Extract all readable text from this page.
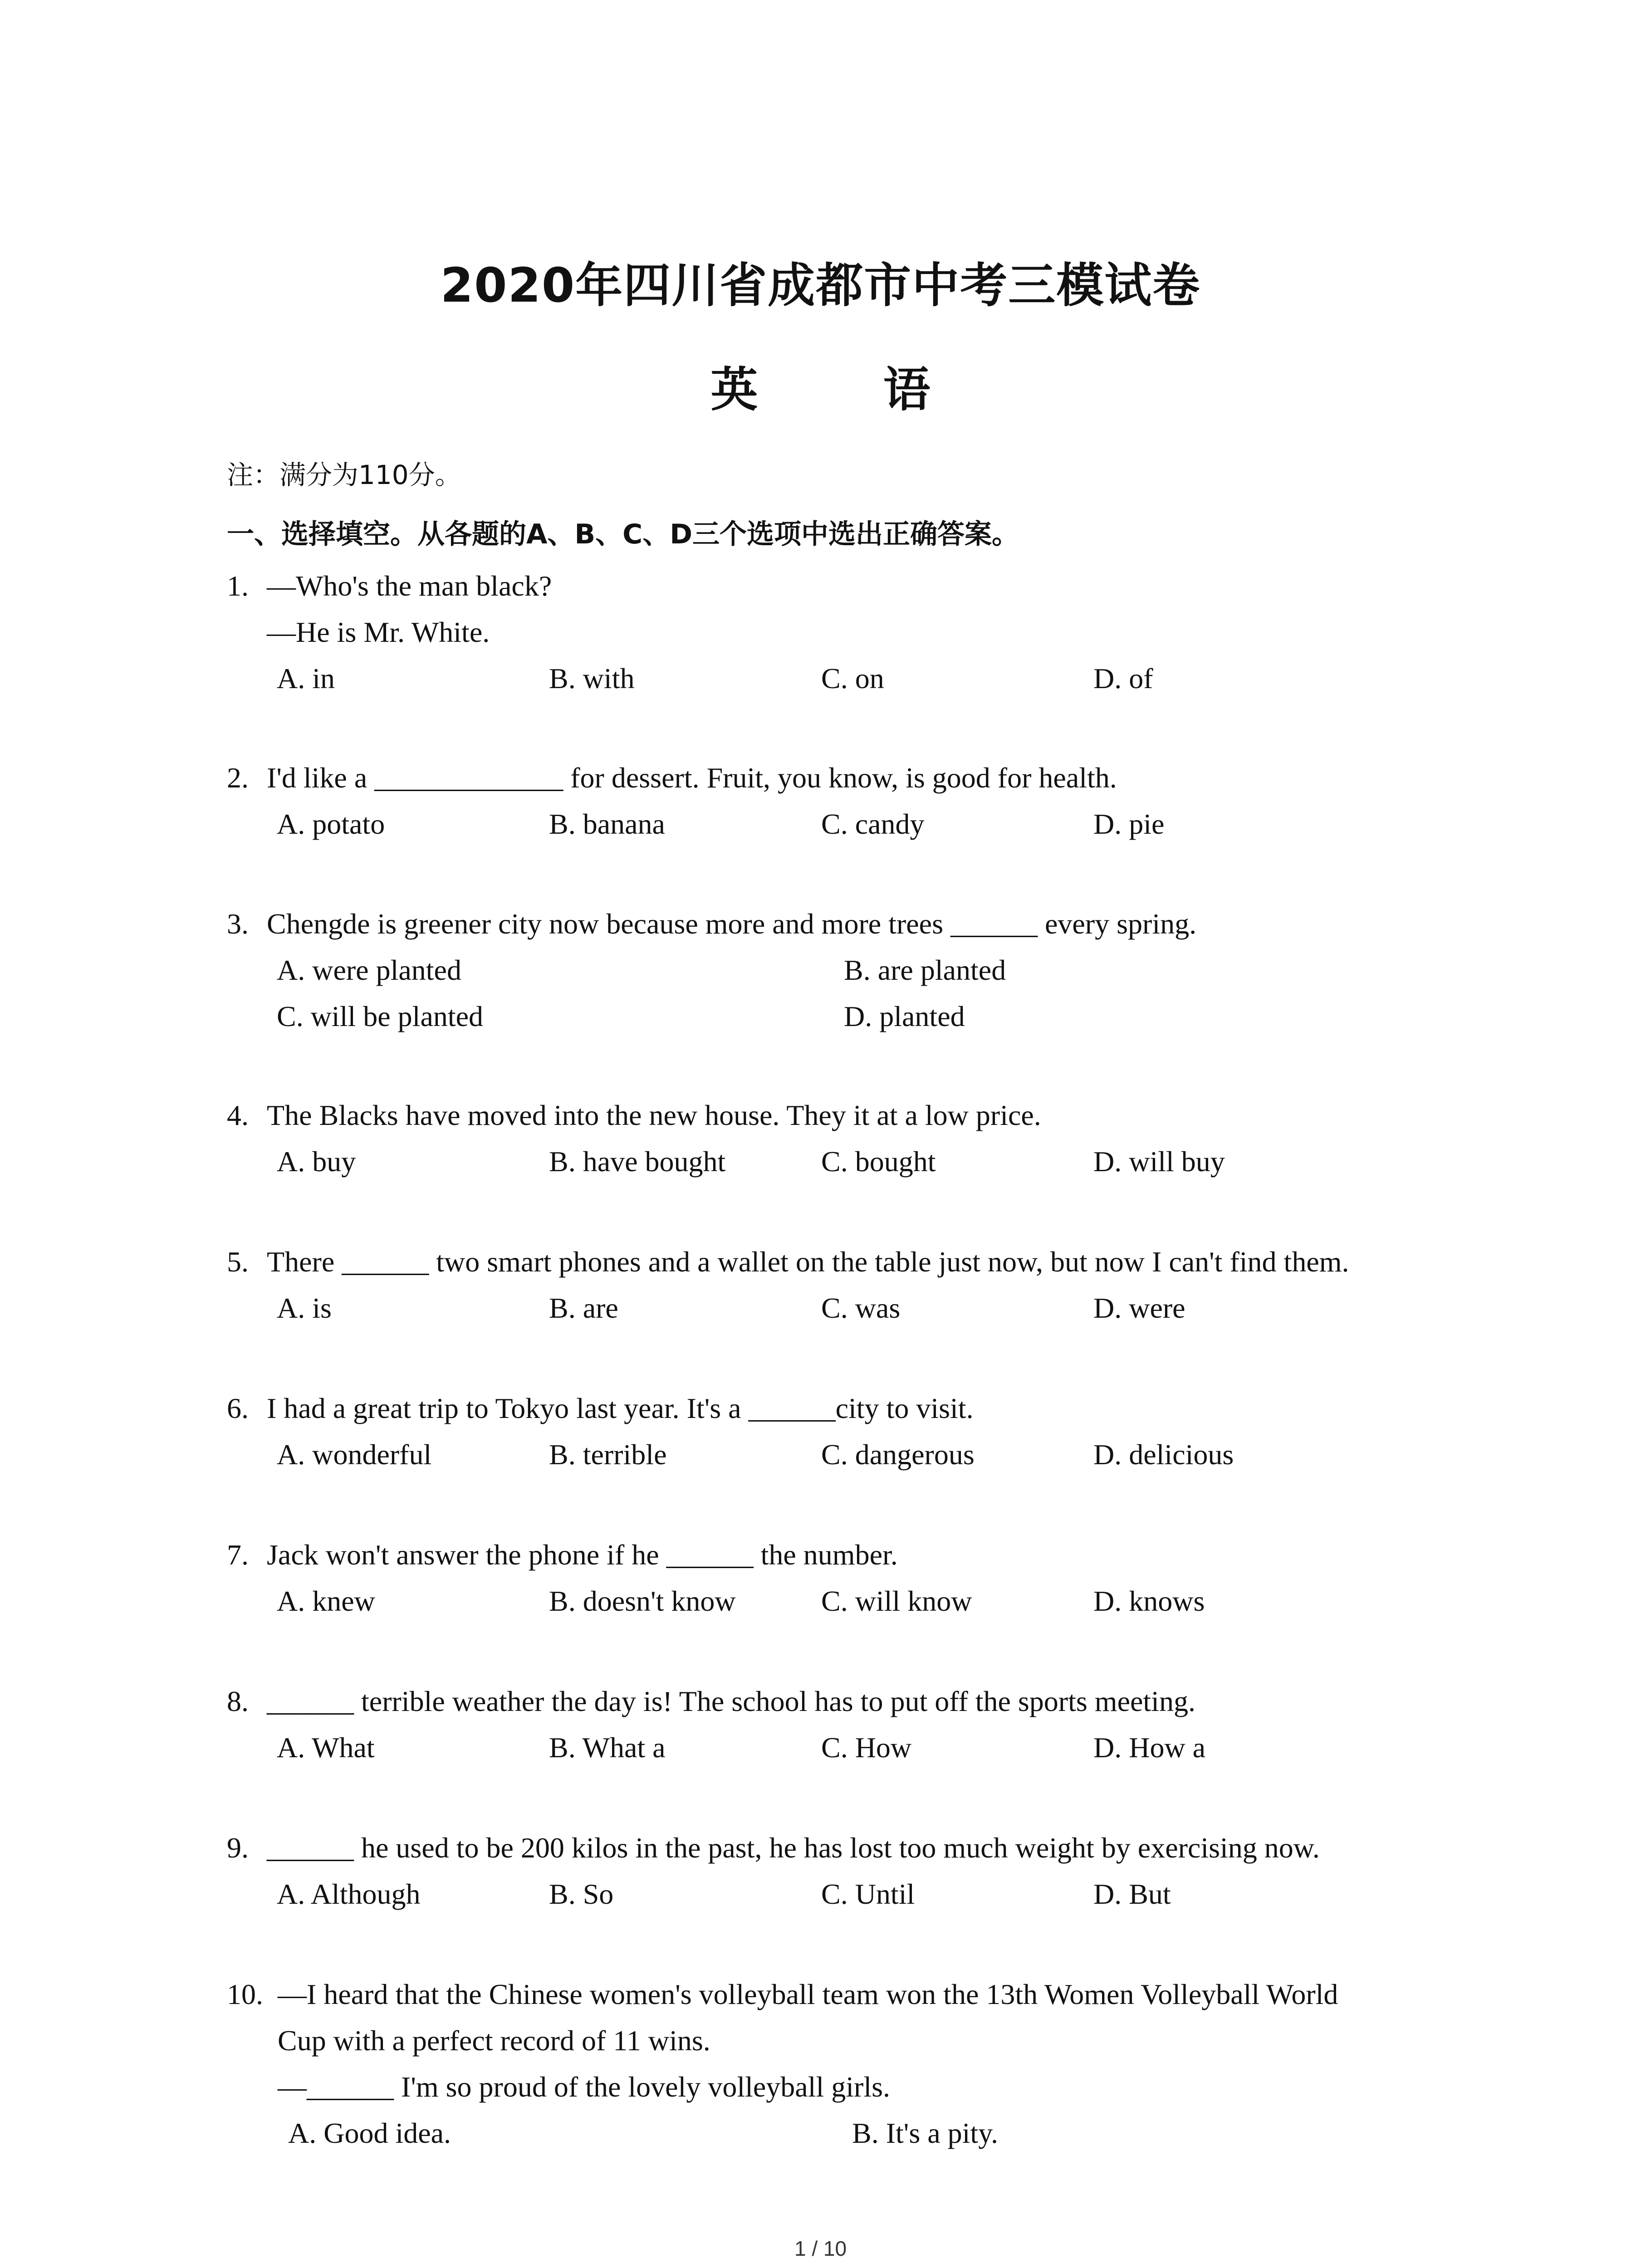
2020年四川省成都市中考三模试卷
英 语
注：满分为110分。
一、选择填空。从各题的A、B、C、D三个选项中选出正确答案。
1. —Who's the man black?
—He is Mr. White.
A. in	B. with	C. on	D. of
2. I'd like a _____________ for dessert. Fruit, you know, is good for health.
A. potato	B. banana	C. candy	D. pie
3. Chengde is greener city now because more and more trees ______ every spring.
A. were planted	B. are planted
C. will be planted	D. planted
4. The Blacks have moved into the new house. They it at a low price.
A. buy	B. have bought	C. bought	D. will buy
5. There ______ two smart phones and a wallet on the table just now, but now I can't find them.
A. is	B. are	C. was	D. were
6. I had a great trip to Tokyo last year. It's a ______city to visit.
A. wonderful	B. terrible	C. dangerous	D. delicious
7. Jack won't answer the phone if he ______ the number.
A. knew	B. doesn't know	C. will know	D. knows
8. ______ terrible weather the day is! The school has to put off the sports meeting.
A. What	B. What a	C. How	D. How a
9. ______ he used to be 200 kilos in the past, he has lost too much weight by exercising now.
A. Although	B. So	C. Until	D. But
10. —I heard that the Chinese women's volleyball team won the 13th Women Volleyball World
Cup with a perfect record of 11 wins.
—______ I'm so proud of the lovely volleyball girls.
A. Good idea.	B. It's a pity.
1 / 10
